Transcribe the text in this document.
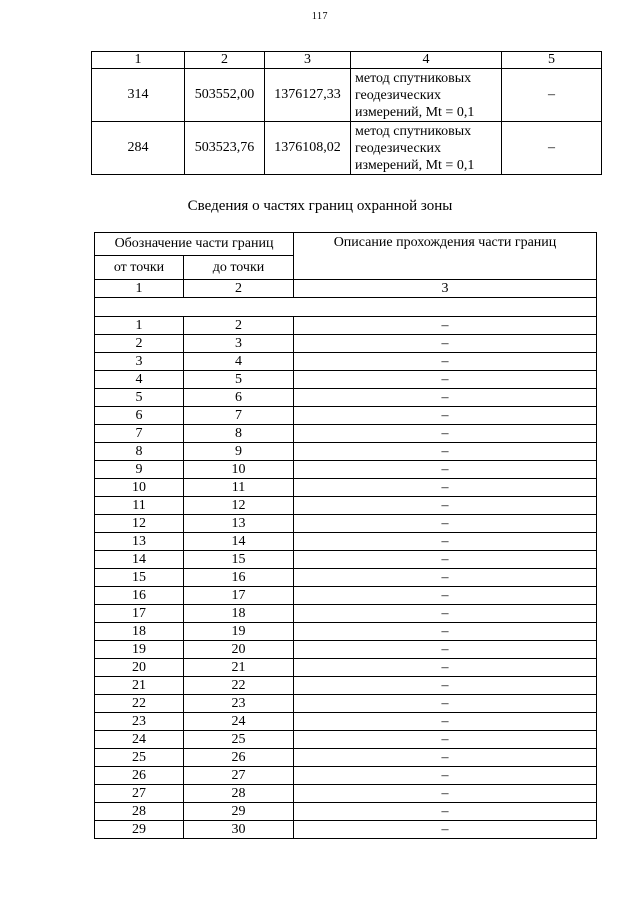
117
1	2	3	4	5
314	503552,00	1376127,33	метод спутниковых
геодезических
измерений, Mt = 0,1	–
284	503523,76	1376108,02	метод спутниковых
геодезических
измерений, Mt = 0,1	–
Сведения о частях границ охранной зоны
Обозначение части границ		Описание прохождения части границ
от точки	до точки	
1	2	3

1	2	–
2	3	–
3	4	–
4	5	–
5	6	–
6	7	–
7	8	–
8	9	–
9	10	–
10	11	–
11	12	–
12	13	–
13	14	–
14	15	–
15	16	–
16	17	–
17	18	–
18	19	–
19	20	–
20	21	–
21	22	–
22	23	–
23	24	–
24	25	–
25	26	–
26	27	–
27	28	–
28	29	–
29	30	–
